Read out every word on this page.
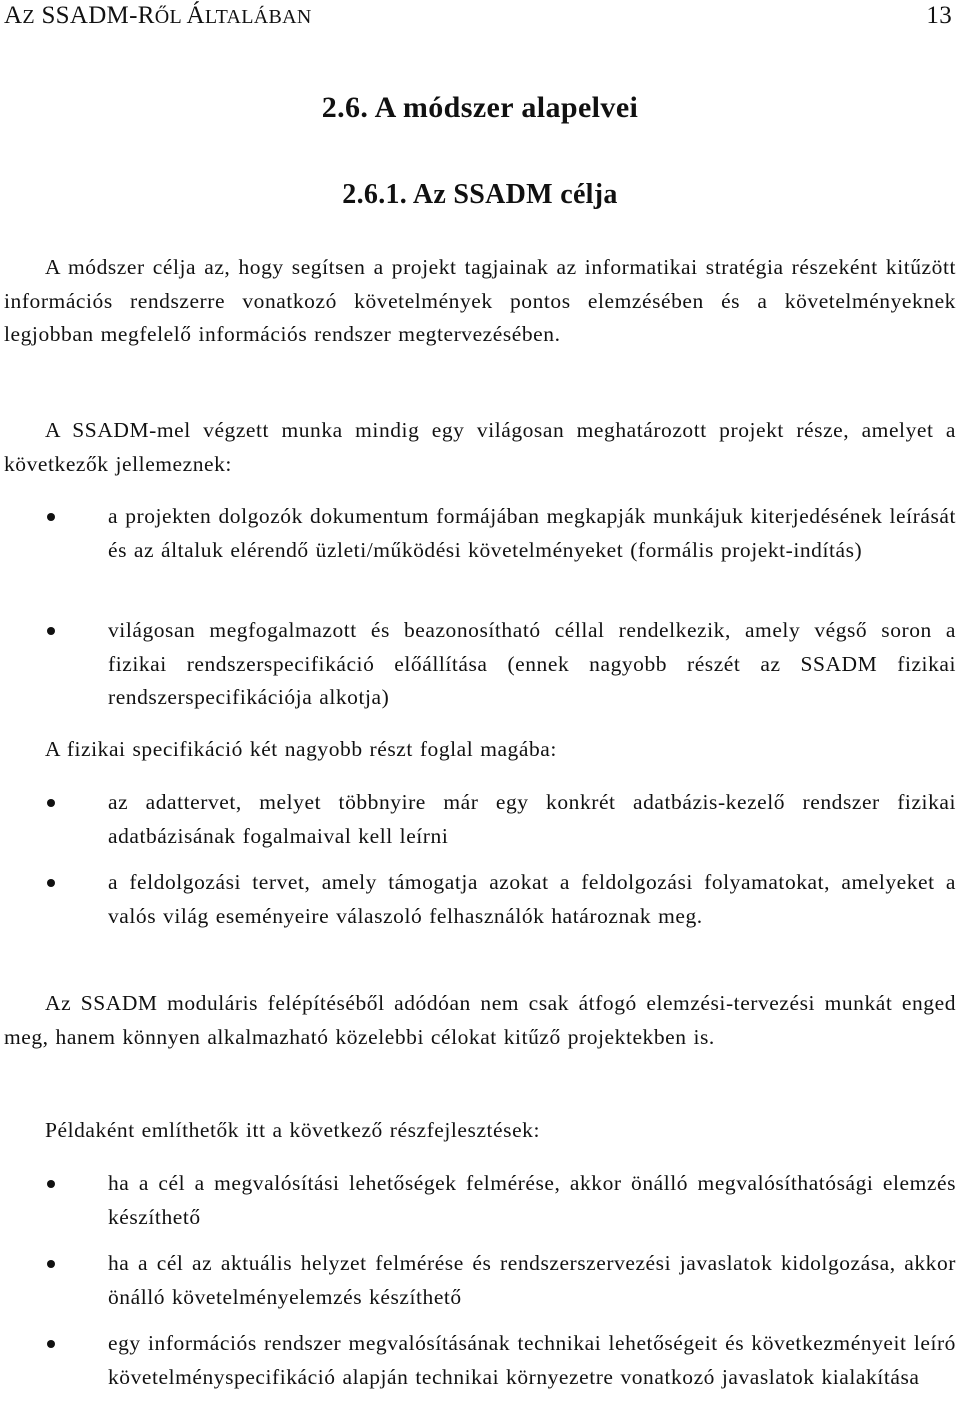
AZ SSADM-RŐL ÁLTALÁBAN	13
2.6. A módszer alapelvei
2.6.1. Az SSADM célja

A módszer célja az, hogy segítsen a projekt tagjainak az informatikai stratégia részeként kitűzött információs rendszerre vonatkozó követelmények pontos elemzésében és a követelményeknek legjobban megfelelő információs rendszer megtervezésében.

A SSADM-mel végzett munka mindig egy világosan meghatározott projekt része, amelyet a következők jellemeznek:

a projekten dolgozók dokumentum formájában megkapják munkájuk kiterjedésének leírását és az általuk elérendő üzleti/működési követelményeket (formális projekt-indítás)

világosan megfogalmazott és beazonosítható céllal rendelkezik, amely végső soron a fizikai rendszerspecifikáció előállítása (ennek nagyobb részét az SSADM fizikai rendszerspecifikációja alkotja)

A fizikai specifikáció két nagyobb részt foglal magába:

az adattervet, melyet többnyire már egy konkrét adatbázis-kezelő rendszer fizikai adatbázisának fogalmaival kell leírni

a feldolgozási tervet, amely támogatja azokat a feldolgozási folyamatokat, amelyeket a valós világ eseményeire válaszoló felhasználók határoznak meg.

Az SSADM moduláris felépítéséből adódóan nem csak átfogó elemzési-tervezési munkát enged meg, hanem könnyen alkalmazható közelebbi célokat kitűző projektekben is.

Példaként említhetők itt a következő részfejlesztések:

ha a cél a megvalósítási lehetőségek felmérése, akkor önálló megvalósíthatósági elemzés készíthető

ha a cél az aktuális helyzet felmérése és rendszerszervezési javaslatok kidolgozása, akkor önálló követelményelemzés készíthető

egy információs rendszer megvalósításának technikai lehetőségeit és következményeit leíró követelményspecifikáció alapján technikai környezetre vonatkozó javaslatok kialakítása
